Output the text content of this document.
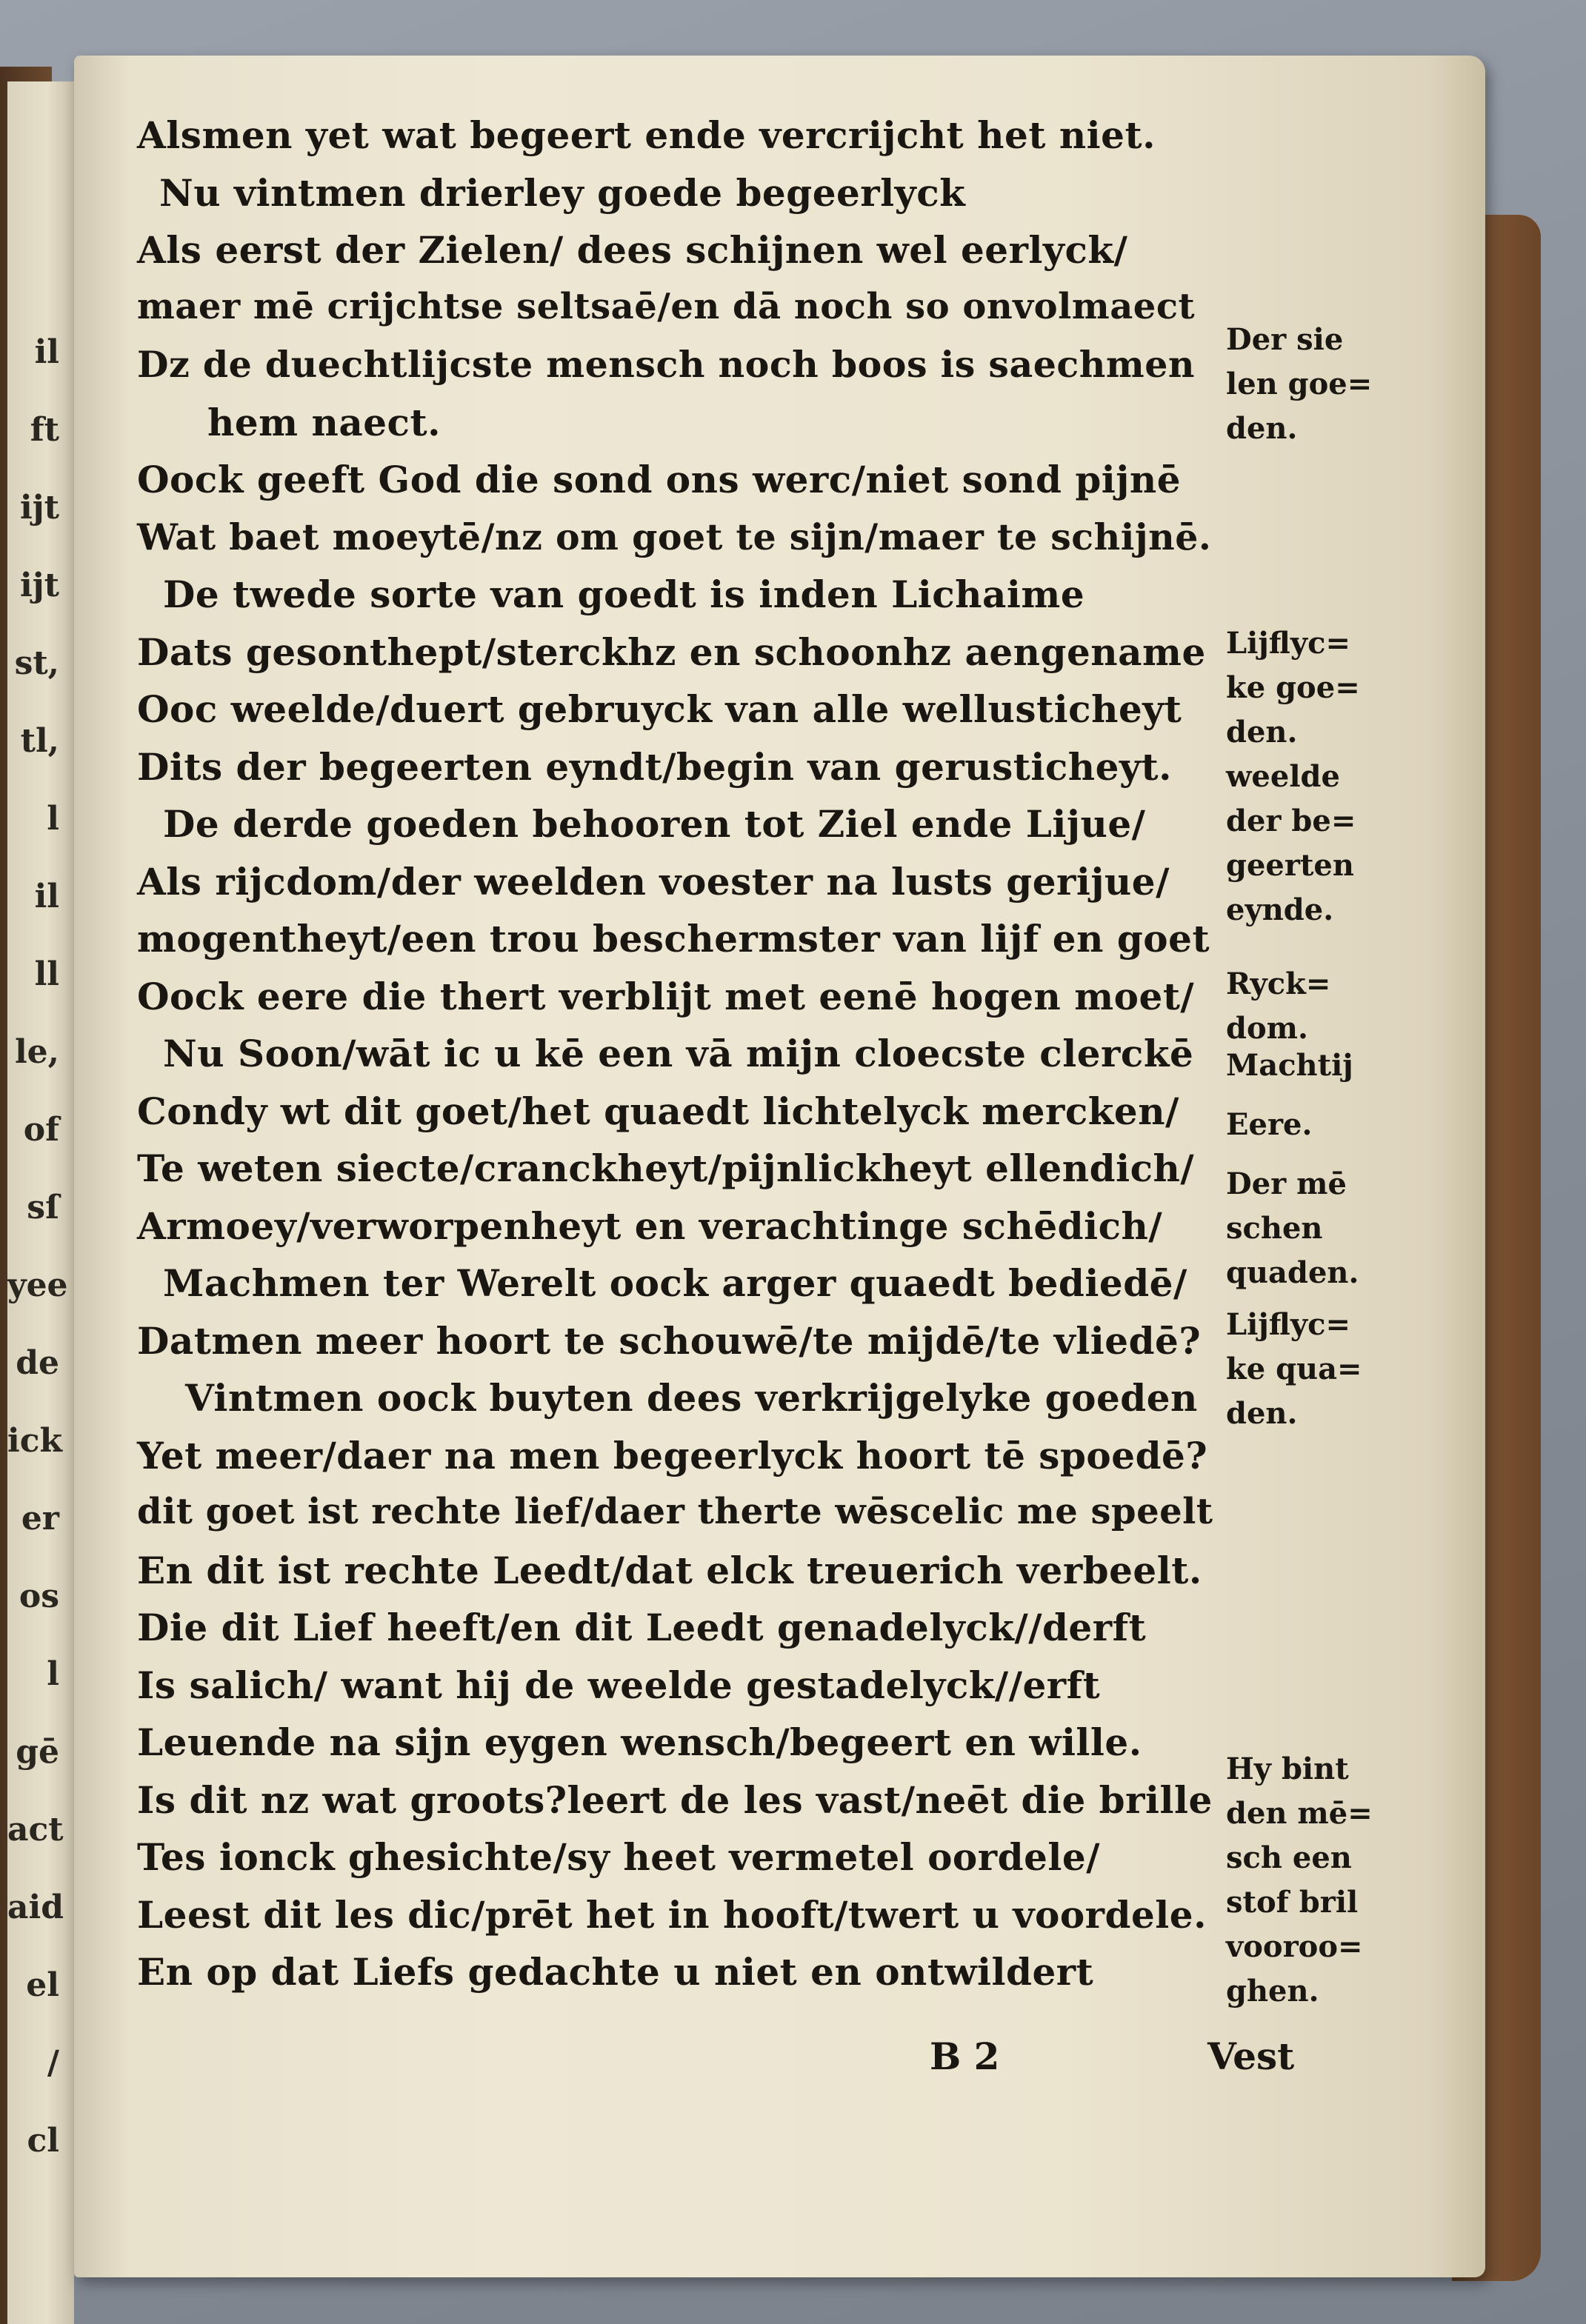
il
ft
ijt
ijt
st,
tl,
l
il
ll
le,
of
sſ
yee
de
ick
er
os
l
gē
act
aid
el
/
cl
Alsmen yet wat begeert ende vercrijcht het niet.
Nu vintmen drierley goede begeerlyck
Als eerst der Zielen/ dees schijnen wel eerlyck/
maer mē crijchtse seltsaē/en dā noch so onvolmaect
Dz de duechtlijcste mensch noch boos is saechmen
hem naect.
Oock geeft God die sond ons werc/niet sond pijnē
Wat baet moeytē/nz om goet te sijn/maer te schijnē.
De twede sorte van goedt is inden Lichaime
Dats gesonthept/sterckhz en schoonhz aengename
Ooc weelde/duert gebruyck van alle wellusticheyt
Dits der begeerten eyndt/begin van gerusticheyt.
De derde goeden behooren tot Ziel ende Lijue/
Als rijcdom/der weelden voester na lusts gerijue/
mogentheyt/een trou beschermster van lijf en goet
Oock eere die thert verblijt met eenē hogen moet/
Nu Soon/wāt ic u kē een vā mijn cloecste clerckē
Condy wt dit goet/het quaedt lichtelyck mercken/
Te weten siecte/cranckheyt/pijnlickheyt ellendich/
Armoey/verworpenheyt en verachtinge schēdich/
Machmen ter Werelt oock arger quaedt bediedē/
Datmen meer hoort te schouwē/te mijdē/te vliedē?
Vintmen oock buyten dees verkrijgelyke goeden
Yet meer/daer na men begeerlyck hoort tē spoedē?
dit goet ist rechte lief/daer therte wēscelic me speelt
En dit ist rechte Leedt/dat elck treuerich verbeelt.
Die dit Lief heeft/en dit Leedt genadelyck//derft
Is salich/ want hij de weelde gestadelyck//erft
Leuende na sijn eygen wensch/begeert en wille.
Is dit nz wat groots?leert de les vast/neēt die brille
Tes ionck ghesichte/sy heet vermetel oordele/
Leest dit les dic/prēt het in hooft/twert u voordele.
En op dat Liefs gedachte u niet en ontwildert
Der sie
len goe=
den.
Lijflyc=
ke goe=
den.
weelde
der be=
geerten
eynde.
Ryck=
dom.
Machtij
Eere.
Der mē
schen
quaden.
Lijflyc=
ke qua=
den.
Hy bint
den mē=
sch een
stof bril
vooroo=
ghen.
B 2	Vest
